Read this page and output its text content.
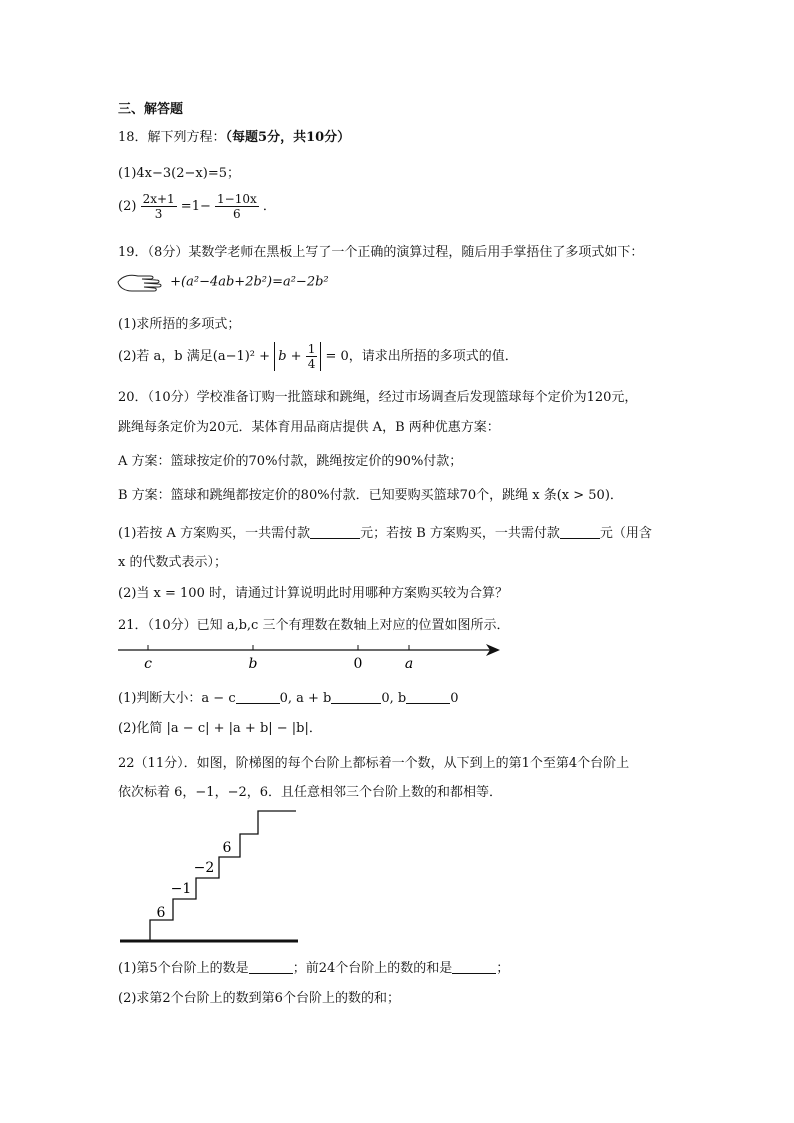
三、解答题
18．解下列方程：（每题5分，共10分）
(1)4x−3(2−x)=5；
$(2) \frac{2x+1}{3} =1- \frac{1-10x}{6}$ ．
19．（8分）某数学老师在黑板上写了一个正确的演算过程，随后用手掌捂住了多项式如下：
+(a²−4ab+2b²)=a²−2b²
(1)求所捂的多项式；
(2)若 a，b 满足$(a-1)^2 + b + \frac{1}{4} = 0$，请求出所捂的多项式的值．
20．（10分）学校准备订购一批篮球和跳绳，经过市场调查后发现篮球每个定价为120元，
跳绳每条定价为20元．某体育用品商店提供 A，B 两种优惠方案：
A 方案：篮球按定价的70%付款，跳绳按定价的90%付款；
B 方案：篮球和跳绳都按定价的80%付款．已知要购买篮球70个，跳绳 x 条(x > 50)．
(1)若按 A 方案购买，一共需付款	元；若按 B 方案购买，一共需付款	元（用含
x 的代数式表示）；
(2)当 x = 100 时，请通过计算说明此时用哪种方案购买较为合算？
21．（10分）已知 a,b,c 三个有理数在数轴上对应的位置如图所示．
c	b	0	a
(1)判断大小：a − c	0, a + b	0, b	0
(2)化简 |a − c| + |a + b| − |b|．
22（11分）．如图，阶梯图的每个台阶上都标着一个数，从下到上的第1个至第4个台阶上
依次标着 6，−1，−2，6．且任意相邻三个台阶上数的和都相等．
6
−1
−2
6
(1)第5个台阶上的数是	；前24个台阶上的数的和是	；
(2)求第2个台阶上的数到第6个台阶上的数的和；
